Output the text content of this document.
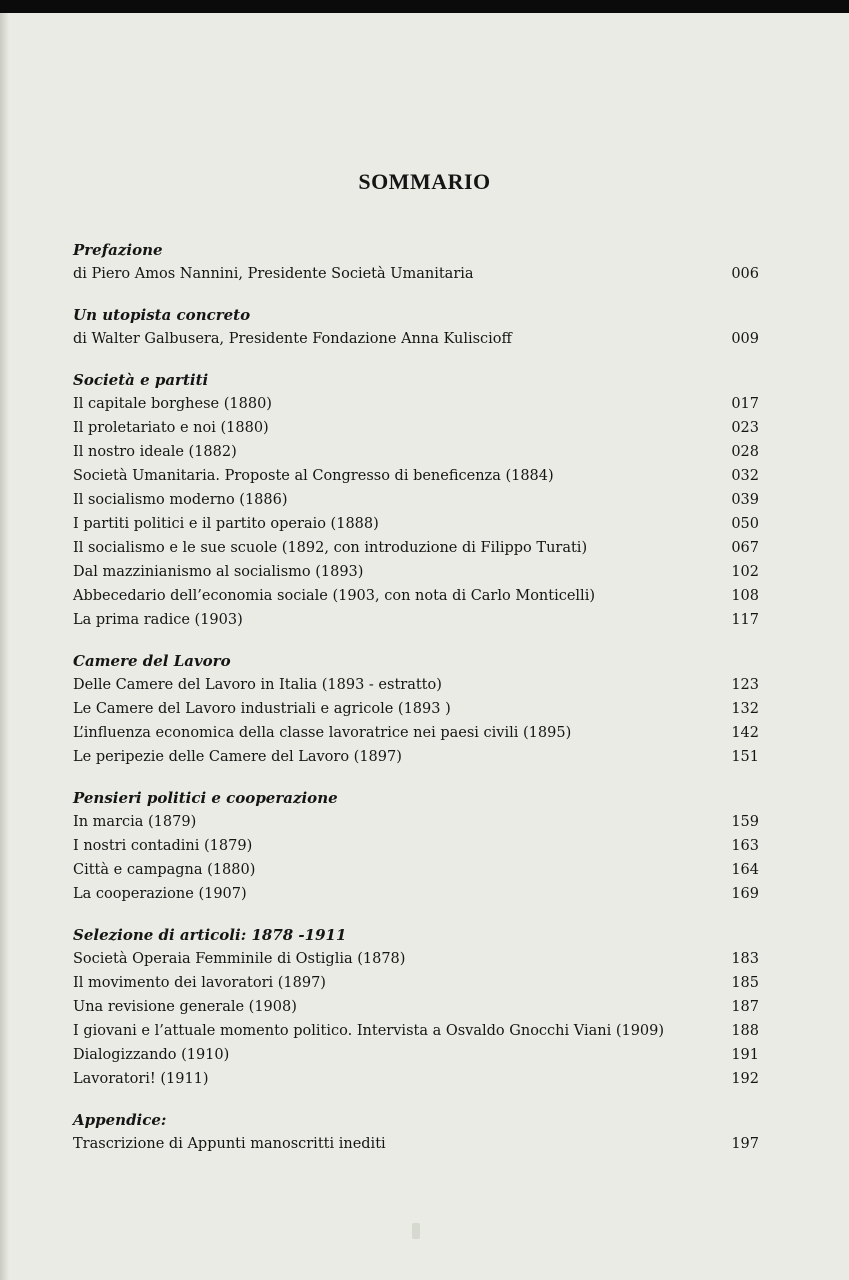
SOMMARIO
Prefazione
di Piero Amos Nannini, Presidente Società Umanitaria	006
Un utopista concreto
di Walter Galbusera, Presidente Fondazione Anna Kuliscioff	009
Società e partiti
Il capitale borghese (1880)	017
Il proletariato e noi (1880)	023
Il nostro ideale (1882)	028
Società Umanitaria. Proposte al Congresso di beneficenza (1884)	032
Il socialismo moderno (1886)	039
I partiti politici e il partito operaio (1888)	050
Il socialismo e le sue scuole (1892, con introduzione di Filippo Turati)	067
Dal mazzinianismo al socialismo (1893)	102
Abbecedario dell’economia sociale (1903, con nota di Carlo Monticelli)	108
La prima radice (1903)	117
Camere del Lavoro
Delle Camere del Lavoro in Italia (1893 - estratto)	123
Le Camere del Lavoro industriali e agricole (1893 )	132
L’influenza economica della classe lavoratrice nei paesi civili (1895)	142
Le peripezie delle Camere del Lavoro (1897)	151
Pensieri politici e cooperazione
In marcia (1879)	159
I nostri contadini (1879)	163
Città e campagna (1880)	164
La cooperazione (1907)	169
Selezione di articoli: 1878 -1911
Società Operaia Femminile di Ostiglia (1878)	183
Il movimento dei lavoratori (1897)	185
Una revisione generale (1908)	187
I giovani e l’attuale momento politico. Intervista a Osvaldo Gnocchi Viani (1909)	188
Dialogizzando (1910)	191
Lavoratori! (1911)	192
Appendice:
Trascrizione di Appunti manoscritti inediti	197
